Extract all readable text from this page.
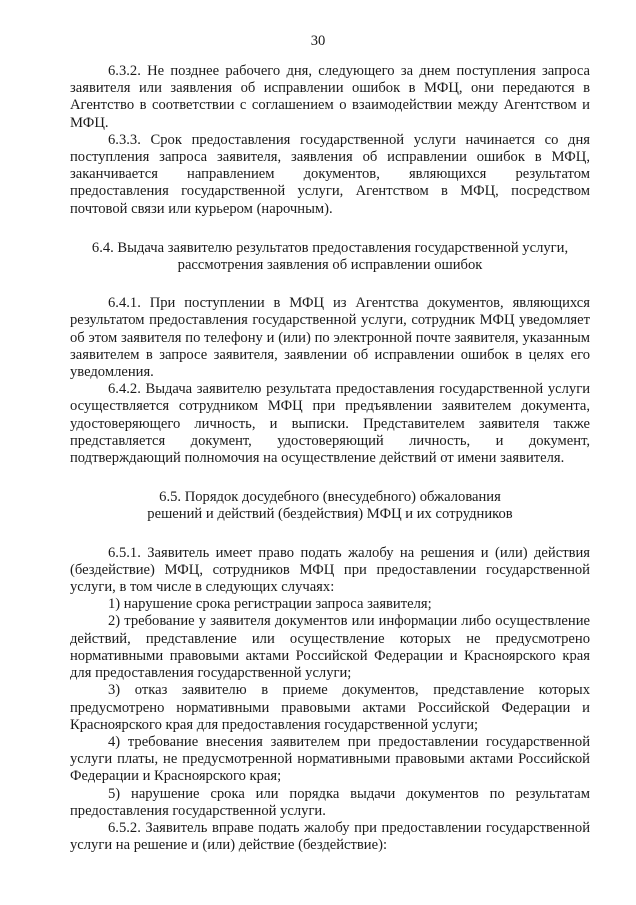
30

6.3.2. Не позднее рабочего дня, следующего за днем поступления запроса заявителя или заявления об исправлении ошибок в МФЦ, они передаются в Агентство в соответствии с соглашением о взаимодействии между Агентством и МФЦ.

6.3.3. Срок предоставления государственной услуги начинается со дня поступления запроса заявителя, заявления об исправлении ошибок в МФЦ, заканчивается направлением документов, являющихся результатом предоставления государственной услуги, Агентством в МФЦ, посредством почтовой связи или курьером (нарочным).

6.4. Выдача заявителю результатов предоставления государственной услуги,

рассмотрения заявления об исправлении ошибок

6.4.1. При поступлении в МФЦ из Агентства документов, являющихся результатом предоставления государственной услуги, сотрудник МФЦ уведомляет об этом заявителя по телефону и (или) по электронной почте заявителя, указанным заявителем в запросе заявителя, заявлении об исправлении ошибок в целях его уведомления.

6.4.2. Выдача заявителю результата предоставления государственной услуги осуществляется сотрудником МФЦ при предъявлении заявителем документа, удостоверяющего личность, и выписки. Представителем заявителя также представляется документ, удостоверяющий личность, и документ, подтверждающий полномочия на осуществление действий от имени заявителя.

6.5. Порядок досудебного (внесудебного) обжалования

решений и действий (бездействия) МФЦ и их сотрудников

6.5.1. Заявитель имеет право подать жалобу на решения и (или) действия (бездействие) МФЦ, сотрудников МФЦ при предоставлении государственной услуги, в том числе в следующих случаях:

1) нарушение срока регистрации запроса заявителя;

2) требование у заявителя документов или информации либо осуществление действий, представление или осуществление которых не предусмотрено нормативными правовыми актами Российской Федерации и Красноярского края для предоставления государственной услуги;

3) отказ заявителю в приеме документов, представление которых предусмотрено нормативными правовыми актами Российской Федерации и Красноярского края для предоставления государственной услуги;

4) требование внесения заявителем при предоставлении государственной услуги платы, не предусмотренной нормативными правовыми актами Российской Федерации и Красноярского края;

5) нарушение срока или порядка выдачи документов по результатам предоставления государственной услуги.

6.5.2. Заявитель вправе подать жалобу при предоставлении государственной услуги на решение и (или) действие (бездействие):
